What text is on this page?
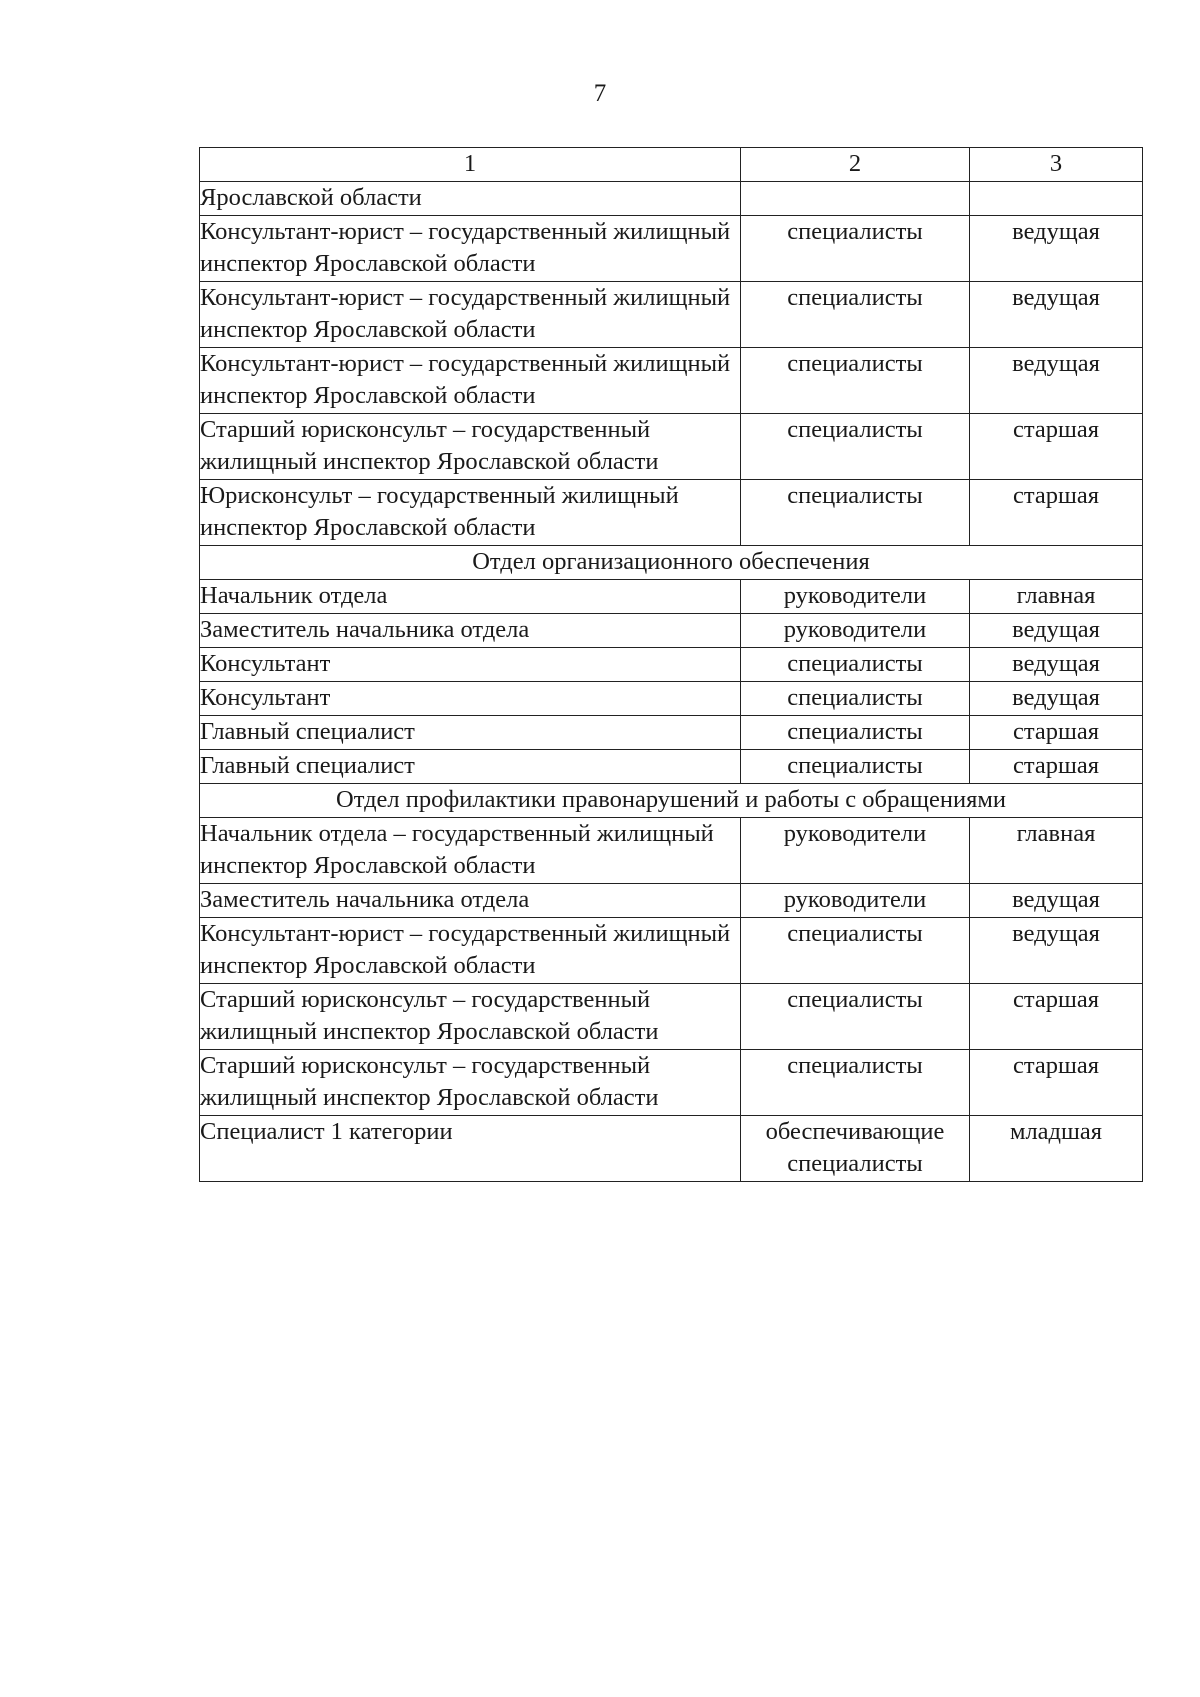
7
1	2	3
Ярославской области		
Консультант-юрист – государственный жилищный инспектор Ярославской области	специалисты	ведущая
Консультант-юрист – государственный жилищный инспектор Ярославской области	специалисты	ведущая
Консультант-юрист – государственный жилищный инспектор Ярославской области	специалисты	ведущая
Старший юрисконсульт – государственный жилищный инспектор Ярославской области	специалисты	старшая
Юрисконсульт – государственный жилищный инспектор Ярославской области	специалисты	старшая
Отдел организационного обеспечения		
Начальник отдела	руководители	главная
Заместитель начальника отдела	руководители	ведущая
Консультант	специалисты	ведущая
Консультант	специалисты	ведущая
Главный специалист	специалисты	старшая
Главный специалист	специалисты	старшая
Отдел профилактики правонарушений и работы с обращениями		
Начальник отдела – государственный жилищный инспектор Ярославской области	руководители	главная
Заместитель начальника отдела	руководители	ведущая
Консультант-юрист – государственный жилищный инспектор Ярославской области	специалисты	ведущая
Старший юрисконсульт – государственный жилищный инспектор Ярославской области	специалисты	старшая
Старший юрисконсульт – государственный жилищный инспектор Ярославской области	специалисты	старшая
Специалист 1 категории	обеспечивающие специалисты	младшая
